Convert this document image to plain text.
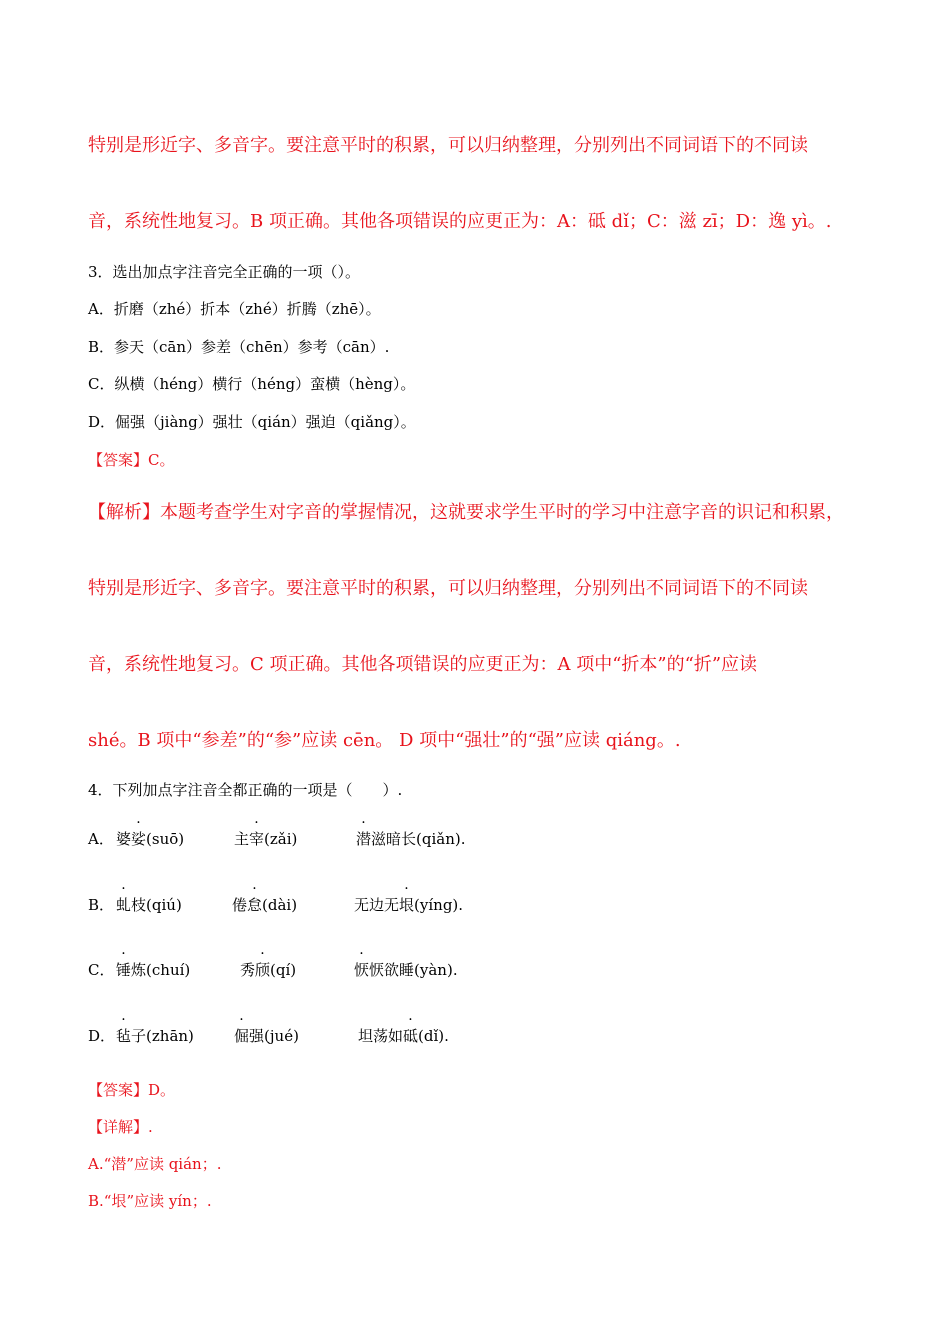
特别是形近字、多音字。要注意平时的积累，可以归纳整理，分别列出不同词语下的不同读
音，系统性地复习。B 项正确。其他各项错误的应更正为：A：砥 dǐ；C：滋 zī；D：逸 yì。.
3．选出加点字注音完全正确的一项（）。
A．折磨（zhé）折本（zhé）折腾（zhē）。
B．参天（cān）参差（chēn）参考（cān）.
C．纵横（héng）横行（héng）蛮横（hèng）。
D．倔强（jiàng）强壮（qián）强迫（qiǎng）。
【答案】C。
【解析】本题考查学生对字音的掌握情况，这就要求学生平时的学习中注意字音的识记和积累，
特别是形近字、多音字。要注意平时的积累，可以归纳整理，分别列出不同词语下的不同读
音，系统性地复习。C 项正确。其他各项错误的应更正为：A 项中“折本”的“折”应读
shé。B 项中“参差”的“参”应读 cēn。 D 项中“强壮”的“强”应读 qiáng。.
4．下列加点字注音全都正确的一项是（　　）.
A． 婆娑(suō)	主宰(zǎi)	潜滋暗长(qiǎn).
B． 虬枝(qiú)	倦怠(dài)	无边无垠(yíng).
C． 锤炼(chuí)	秀颀(qí)	恹恹欲睡(yàn).
D． 毡子(zhān)	倔强(jué)	坦荡如砥(dǐ).
【答案】D。
【详解】.
A.“潜”应读 qián；.
B.“垠”应读 yín；.
